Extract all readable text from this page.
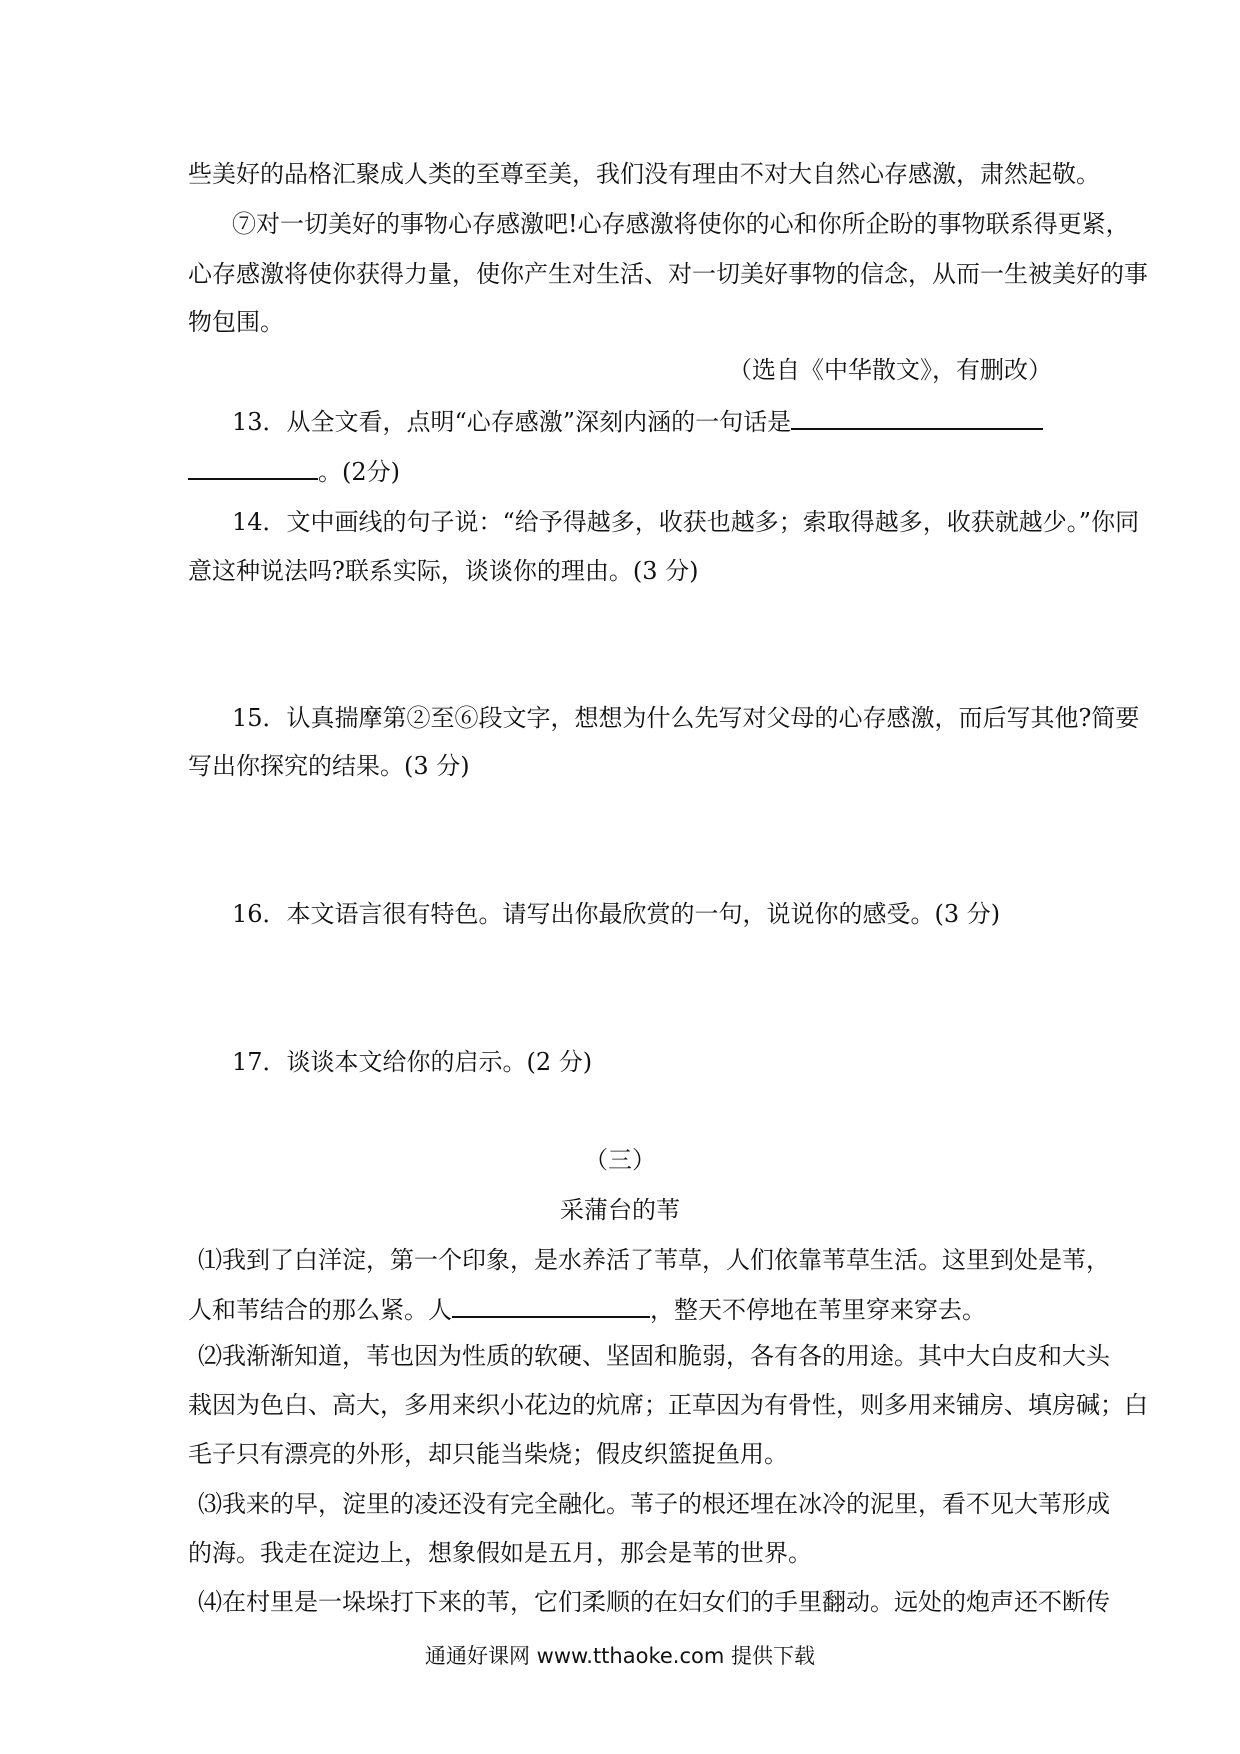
些美好的品格汇聚成人类的至尊至美，我们没有理由不对大自然心存感激，肃然起敬。
⑦对一切美好的事物心存感激吧!心存感激将使你的心和你所企盼的事物联系得更紧，
心存感激将使你获得力量，使你产生对生活、对一切美好事物的信念，从而一生被美好的事
物包围。
（选自《中华散文》，有删改）
13．从全文看，点明“心存感激”深刻内涵的一句话是
。(2分)
14．文中画线的句子说：“给予得越多，收获也越多；索取得越多，收获就越少。”你同
意这种说法吗?联系实际，谈谈你的理由。(3 分)
15．认真揣摩第②至⑥段文字，想想为什么先写对父母的心存感激，而后写其他?简要
写出你探究的结果。(3 分)
16．本文语言很有特色。请写出你最欣赏的一句，说说你的感受。(3 分)
17．谈谈本文给你的启示。(2 分)
（三）
采蒲台的苇
⑴我到了白洋淀，第一个印象，是水养活了苇草，人们依靠苇草生活。这里到处是苇，
人和苇结合的那么紧。人	，整天不停地在苇里穿来穿去。
⑵我渐渐知道，苇也因为性质的软硬、坚固和脆弱，各有各的用途。其中大白皮和大头
栽因为色白、高大，多用来织小花边的炕席；正草因为有骨性，则多用来铺房、填房碱；白
毛子只有漂亮的外形，却只能当柴烧；假皮织篮捉鱼用。
⑶我来的早，淀里的凌还没有完全融化。苇子的根还埋在冰冷的泥里，看不见大苇形成
的海。我走在淀边上，想象假如是五月，那会是苇的世界。
⑷在村里是一垛垛打下来的苇，它们柔顺的在妇女们的手里翻动。远处的炮声还不断传
通通好课网 www.tthaoke.com 提供下载
